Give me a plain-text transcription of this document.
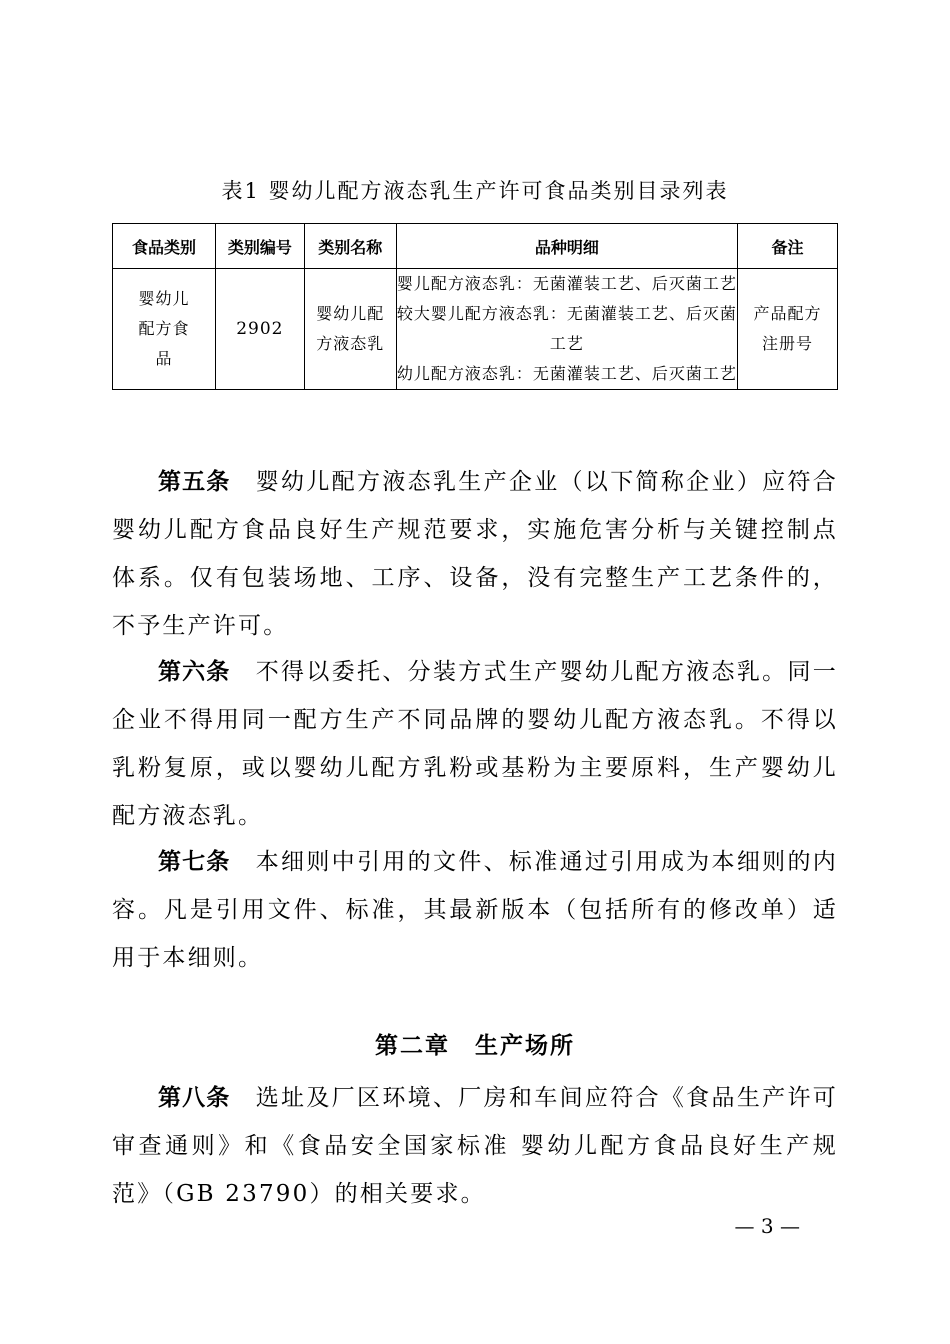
表1 婴幼儿配方液态乳生产许可食品类别目录列表
食品类别	类别编号	类别名称	品种明细	备注
婴幼儿配方食品	2902	婴幼儿配方液态乳	婴儿配方液态乳：无菌灌装工艺、后灭菌工艺
较大婴儿配方液态乳：无菌灌装工艺、后灭菌工艺
幼儿配方液态乳：无菌灌装工艺、后灭菌工艺	产品配方注册号

第五条  婴幼儿配方液态乳生产企业（以下简称企业）应符合婴幼儿配方食品良好生产规范要求，实施危害分析与关键控制点体系。仅有包装场地、工序、设备，没有完整生产工艺条件的，不予生产许可。

第六条  不得以委托、分装方式生产婴幼儿配方液态乳。同一企业不得用同一配方生产不同品牌的婴幼儿配方液态乳。不得以乳粉复原，或以婴幼儿配方乳粉或基粉为主要原料，生产婴幼儿配方液态乳。

第七条  本细则中引用的文件、标准通过引用成为本细则的内容。凡是引用文件、标准，其最新版本（包括所有的修改单）适用于本细则。

第二章　生产场所

第八条  选址及厂区环境、厂房和车间应符合《食品生产许可审查通则》和《食品安全国家标准 婴幼儿配方食品良好生产规范》（GB 23790）的相关要求。

— 3 —
